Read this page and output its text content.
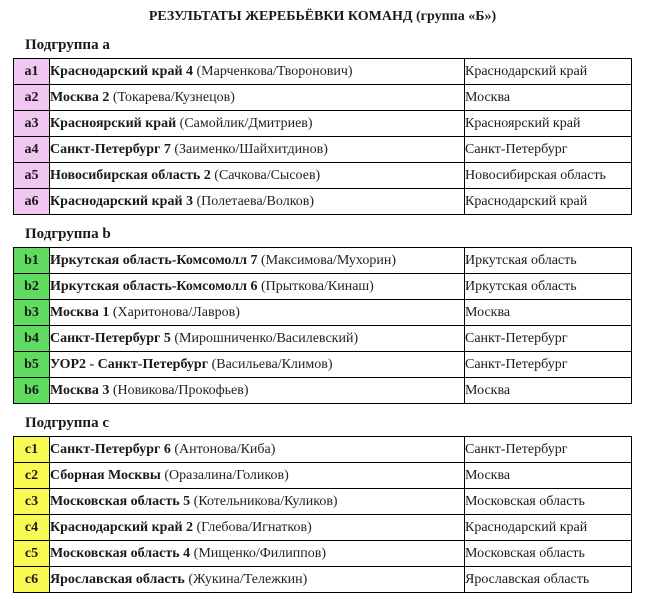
РЕЗУЛЬТАТЫ ЖЕРЕБЬЁВКИ КОМАНД (группа «Б»)
Подгруппа a
a1	Краснодарский край 4 (Марченкова/Творонович)	Краснодарский край
a2	Москва 2 (Токарева/Кузнецов)	Москва
a3	Красноярский край (Самойлик/Дмитриев)	Красноярский край
a4	Санкт-Петербург 7 (Заименко/Шайхитдинов)	Санкт-Петербург
a5	Новосибирская область 2 (Сачкова/Сысоев)	Новосибирская область
a6	Краснодарский край 3 (Полетаева/Волков)	Краснодарский край
Подгруппа b
b1	Иркутская область-Комсомолл 7 (Максимова/Мухорин)	Иркутская область
b2	Иркутская область-Комсомолл 6 (Прыткова/Кинаш)	Иркутская область
b3	Москва 1 (Харитонова/Лавров)	Москва
b4	Санкт-Петербург 5 (Мирошниченко/Василевский)	Санкт-Петербург
b5	УОР2 - Санкт-Петербург (Васильева/Климов)	Санкт-Петербург
b6	Москва 3 (Новикова/Прокофьев)	Москва
Подгруппа c
c1	Санкт-Петербург 6 (Антонова/Киба)	Санкт-Петербург
c2	Сборная Москвы (Оразалина/Голиков)	Москва
c3	Московская область 5 (Котельникова/Куликов)	Московская область
c4	Краснодарский край 2 (Глебова/Игнатков)	Краснодарский край
c5	Московская область 4 (Мищенко/Филиппов)	Московская область
c6	Ярославская область (Жукина/Тележкин)	Ярославская область
